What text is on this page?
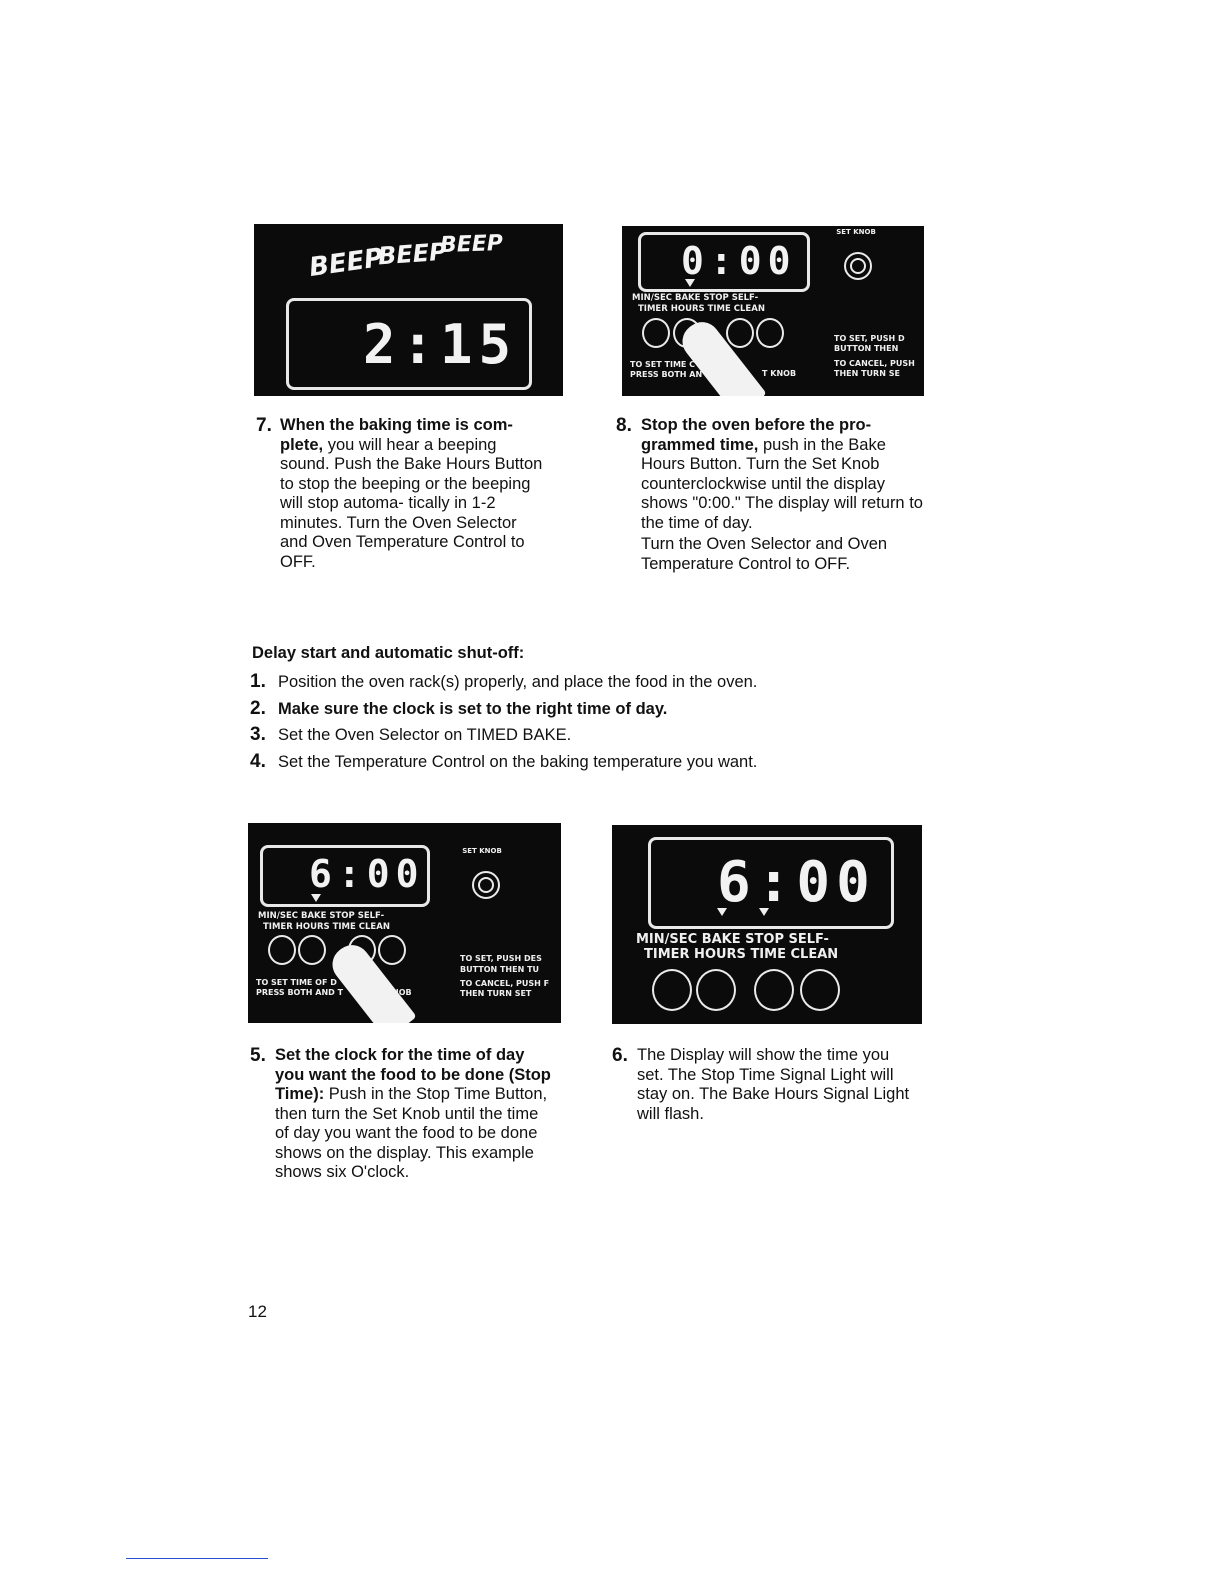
BEEP
BEEP
BEEP
2:15
0:00
SET KNOB
MIN/SEC BAKE STOP SELF-
TIMER HOURS TIME CLEAN
TO SET TIME C
PRESS BOTH AN	T KNOB
TO SET, PUSH D
BUTTON THEN
TO CANCEL, PUSH
THEN TURN SE
7. When the baking time is com- plete, you will hear a beeping sound. Push the Bake Hours Button to stop the beeping or the beeping will stop automa- tically in 1-2 minutes. Turn the Oven Selector and Oven Temperature Control to OFF.
8. Stop the oven before the pro- grammed time, push in the Bake Hours Button. Turn the Set Knob counterclockwise until the display shows "0:00." The display will return to the time of day.
Turn the Oven Selector and Oven Temperature Control to OFF.
Delay start and automatic shut-off:
1. Position the oven rack(s) properly, and place the food in the oven.
2. Make sure the clock is set to the right time of day.
3. Set the Oven Selector on TIMED BAKE.
4. Set the Temperature Control on the baking temperature you want.
6:00
SET KNOB
MIN/SEC BAKE STOP SELF-
TIMER HOURS TIME CLEAN
TO SET TIME OF D
PRESS BOTH AND T	NOB
TO SET, PUSH DES
BUTTON THEN TU
TO CANCEL, PUSH F
THEN TURN SET
6:00
MIN/SEC BAKE STOP SELF-
TIMER HOURS TIME CLEAN
5. Set the clock for the time of day you want the food to be done (Stop Time): Push in the Stop Time Button, then turn the Set Knob until the time of day you want the food to be done shows on the display. This example shows six O'clock.
6. The Display will show the time you set. The Stop Time Signal Light will stay on. The Bake Hours Signal Light will flash.
12
